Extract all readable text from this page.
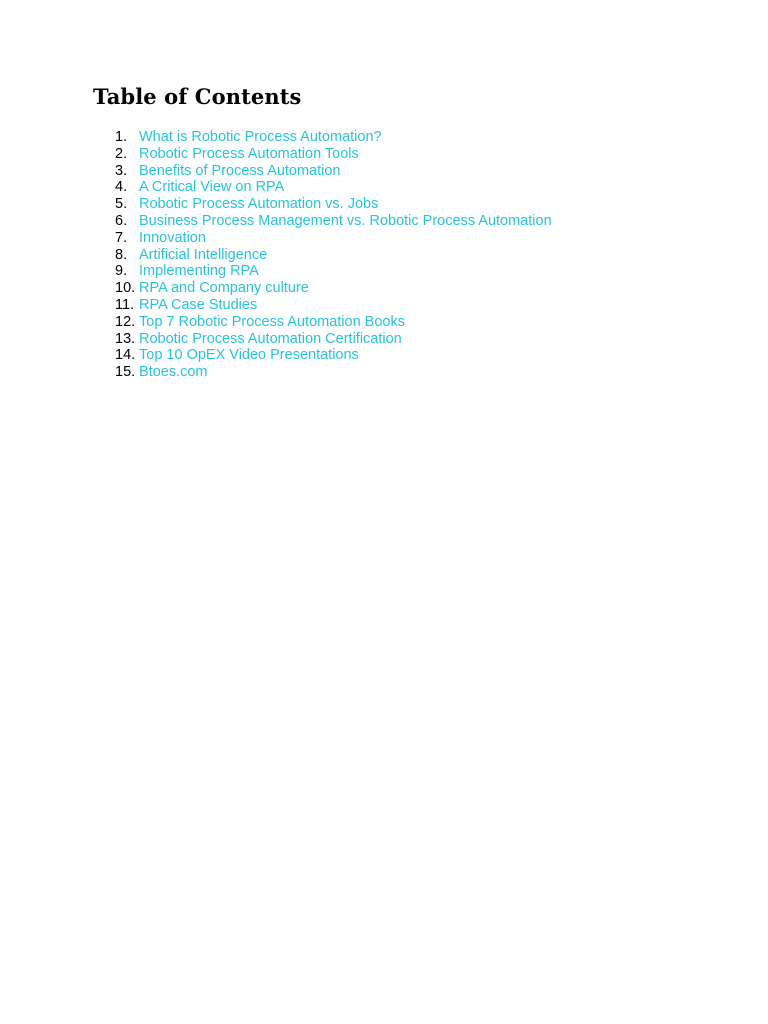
Table of Contents
1. What is Robotic Process Automation?
2. Robotic Process Automation Tools
3. Benefits of Process Automation
4. A Critical View on RPA
5. Robotic Process Automation vs. Jobs
6. Business Process Management vs. Robotic Process Automation
7. Innovation
8. Artificial Intelligence
9. Implementing RPA
10. RPA and Company culture
11. RPA Case Studies
12. Top 7 Robotic Process Automation Books
13. Robotic Process Automation Certification
14. Top 10 OpEX Video Presentations
15. Btoes.com
